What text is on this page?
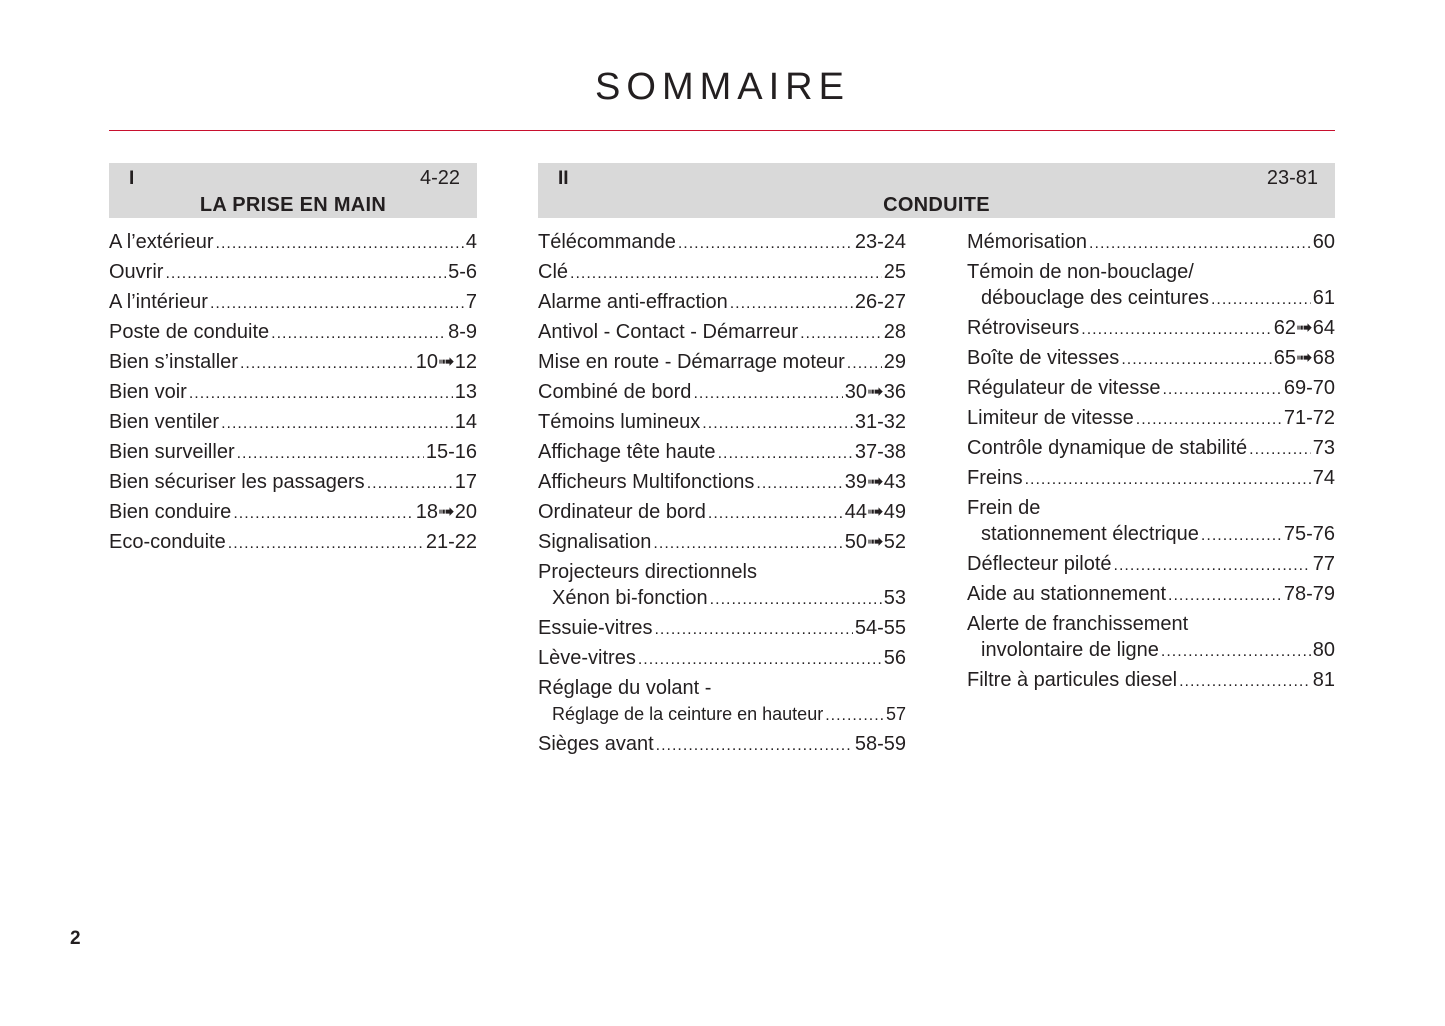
SOMMAIRE
I	4-22
LA PRISE EN MAIN
II	23-81
CONDUITE
A l’extérieur .....	4
Ouvrir .....	5-6
A l’intérieur .....	7
Poste de conduite .....	8-9
Bien s’installer .....	10➟12
Bien voir .....	13
Bien ventiler .....	14
Bien surveiller .....	15-16
Bien sécuriser les passagers .....	17
Bien conduire .....	18➟20
Eco-conduite .....	21-22
Télécommande .....	23-24
Clé .....	25
Alarme anti-effraction .....	26-27
Antivol - Contact - Démarreur .....	28
Mise en route - Démarrage moteur ..... 29
Combiné de bord .....	30➟36
Témoins lumineux .....	31-32
Affichage tête haute .....	37-38
Afficheurs Multifonctions .....	39➟43
Ordinateur de bord .....	44➟49
Signalisation .....	50➟52
Projecteurs directionnels
Xénon bi-fonction .....	53
Essuie-vitres .....	54-55
Lève-vitres .....	56
Réglage du volant -
Réglage de la ceinture en hauteur .....	57
Sièges avant .....	58-59
Mémorisation .....	60
Témoin de non-bouclage/
débouclage des ceintures .....	61
Rétroviseurs .....	62➟64
Boîte de vitesses .....	65➟68
Régulateur de vitesse .....	69-70
Limiteur de vitesse .....	71-72
Contrôle dynamique de stabilité .....	73
Freins .....	74
Frein de
stationnement électrique .....	75-76
Déflecteur piloté .....	77
Aide au stationnement .....	78-79
Alerte de franchissement
involontaire de ligne .....	80
Filtre à particules diesel .....	81
2
